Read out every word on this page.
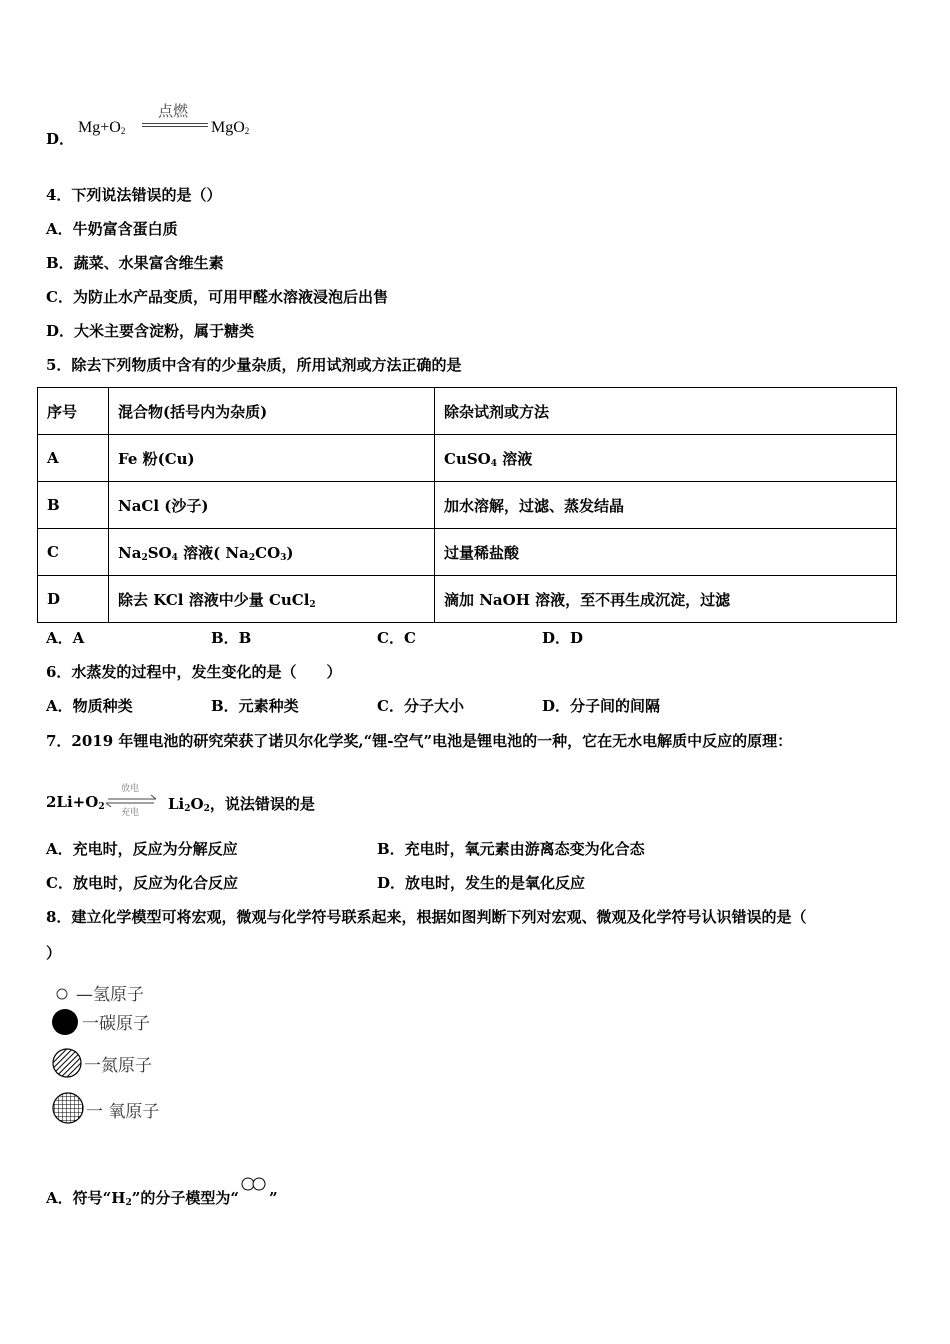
D．
$Mg+O_2$
点燃
MgO$_2$
4．下列说法错误的是（）
A．牛奶富含蛋白质
B．蔬菜、水果富含维生素
C．为防止水产品变质，可用甲醛水溶液浸泡后出售
D．大米主要含淀粉，属于糖类
5．除去下列物质中含有的少量杂质，所用试剂或方法正确的是
序号	混合物(括号内为杂质)	除杂试剂或方法
A	Fe 粉(Cu)	CuSO$_4$ 溶液
B	NaCl (沙子)	加水溶解，过滤、蒸发结晶
C	$Na_2SO_4$ 溶液( $Na_2CO_3$)	过量稀盐酸
D	除去 KCl 溶液中少量 CuCl$_2$	滴加 NaOH 溶液，至不再生成沉淀，过滤
A．A	B．B	C．C	D．D
6．水蒸发的过程中，发生变化的是（　　）
A．物质种类	B．元素种类	C．分子大小	D．分子间的间隔
7．2019 年锂电池的研究荣获了诺贝尔化学奖,“锂-空气”电池是锂电池的一种，它在无水电解质中反应的原理：
$2Li+O_2$
放电
充电 $Li_2O_2$，说法错误的是
A．充电时，反应为分解反应	B．充电时，氧元素由游离态变为化合态
C．放电时，反应为化合反应	D．放电时，发生的是氧化反应
8．建立化学模型可将宏观，微观与化学符号联系起来，根据如图判断下列对宏观、微观及化学符号认识错误的是（
）
—氢原子
一碳原子
一氮原子
一 氧原子
A．符号“$H_2$”的分子模型为“ ”
